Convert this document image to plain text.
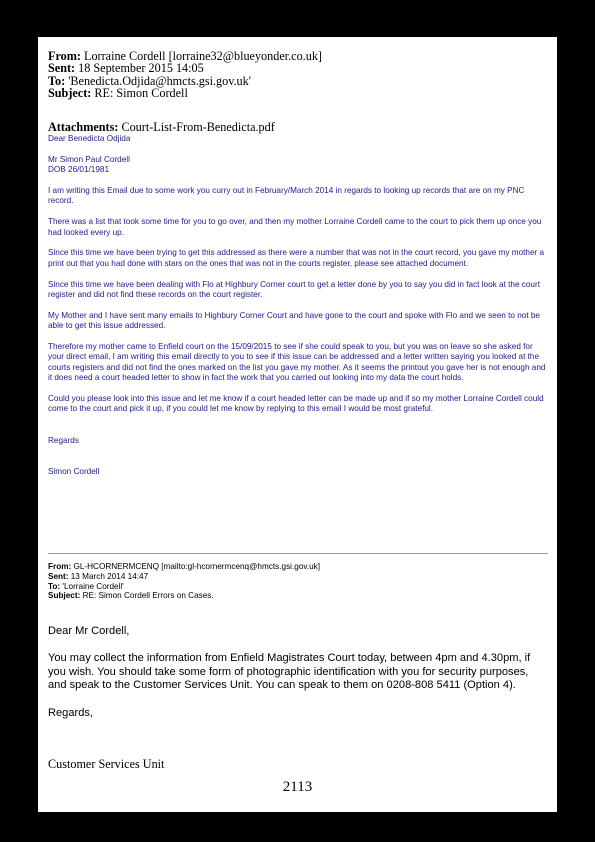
From: Lorraine Cordell [lorraine32@blueyonder.co.uk]
Sent: 18 September 2015 14:05
To: 'Benedicta.Odjida@hmcts.gsi.gov.uk'
Subject: RE: Simon Cordell
Attachments: Court-List-From-Benedicta.pdf

Dear Benedicta Odjida

Mr Simon Paul Cordell

DOB 26/01/1981

I am writing this Email due to some work you curry out in February/March 2014 in regards to looking up records that are on my PNC record.

There was a list that took some time for you to go over, and then my mother Lorraine Cordell came to the court to pick them up once you had looked every up.

Since this time we have been trying to get this addressed as there were a number that was not in the court record, you gave my mother a print out that you had done with stars on the ones that was not in the courts register, please see attached document.

Since this time we have been dealing with Flo at Highbury Corner court to get a letter done by you to say you did in fact look at the court register and did not find these records on the court register.

My Mother and I have sent many emails to Highbury Corner Court and have gone to the court and spoke with Flo and we seen to not be able to get this issue addressed.

Therefore my mother came to Enfield court on the 15/09/2015 to see if she could speak to you, but you was on leave so she asked for your direct email, I am writing this email directly to you to see if this issue can be addressed and a letter written saying you looked at the courts registers and did not find the ones marked on the list you gave my mother. As it seems the printout you gave her is not enough and it does need a court headed letter to show in fact the work that you carried out looking into my data the court holds.

Could you please look into this issue and let me know if a court headed letter can be made up and if so my mother Lorraine Cordell could come to the court and pick it up, if you could let me know by replying to this email I would be most grateful.

Regards

Simon Cordell

From: GL-HCORNERMCENQ [mailto:gl-hcornermcenq@hmcts.gsi.gov.uk]
Sent: 13 March 2014 14:47
To: 'Lorraine Cordell'
Subject: RE: Simon Cordell Errors on Cases.

Dear Mr Cordell,

You may collect the information from Enfield Magistrates Court today, between 4pm and 4.30pm, if you wish. You should take some form of photographic identification with you for security purposes, and speak to the Customer Services Unit. You can speak to them on 0208-808 5411 (Option 4).

Regards,

Customer Services Unit
2113
